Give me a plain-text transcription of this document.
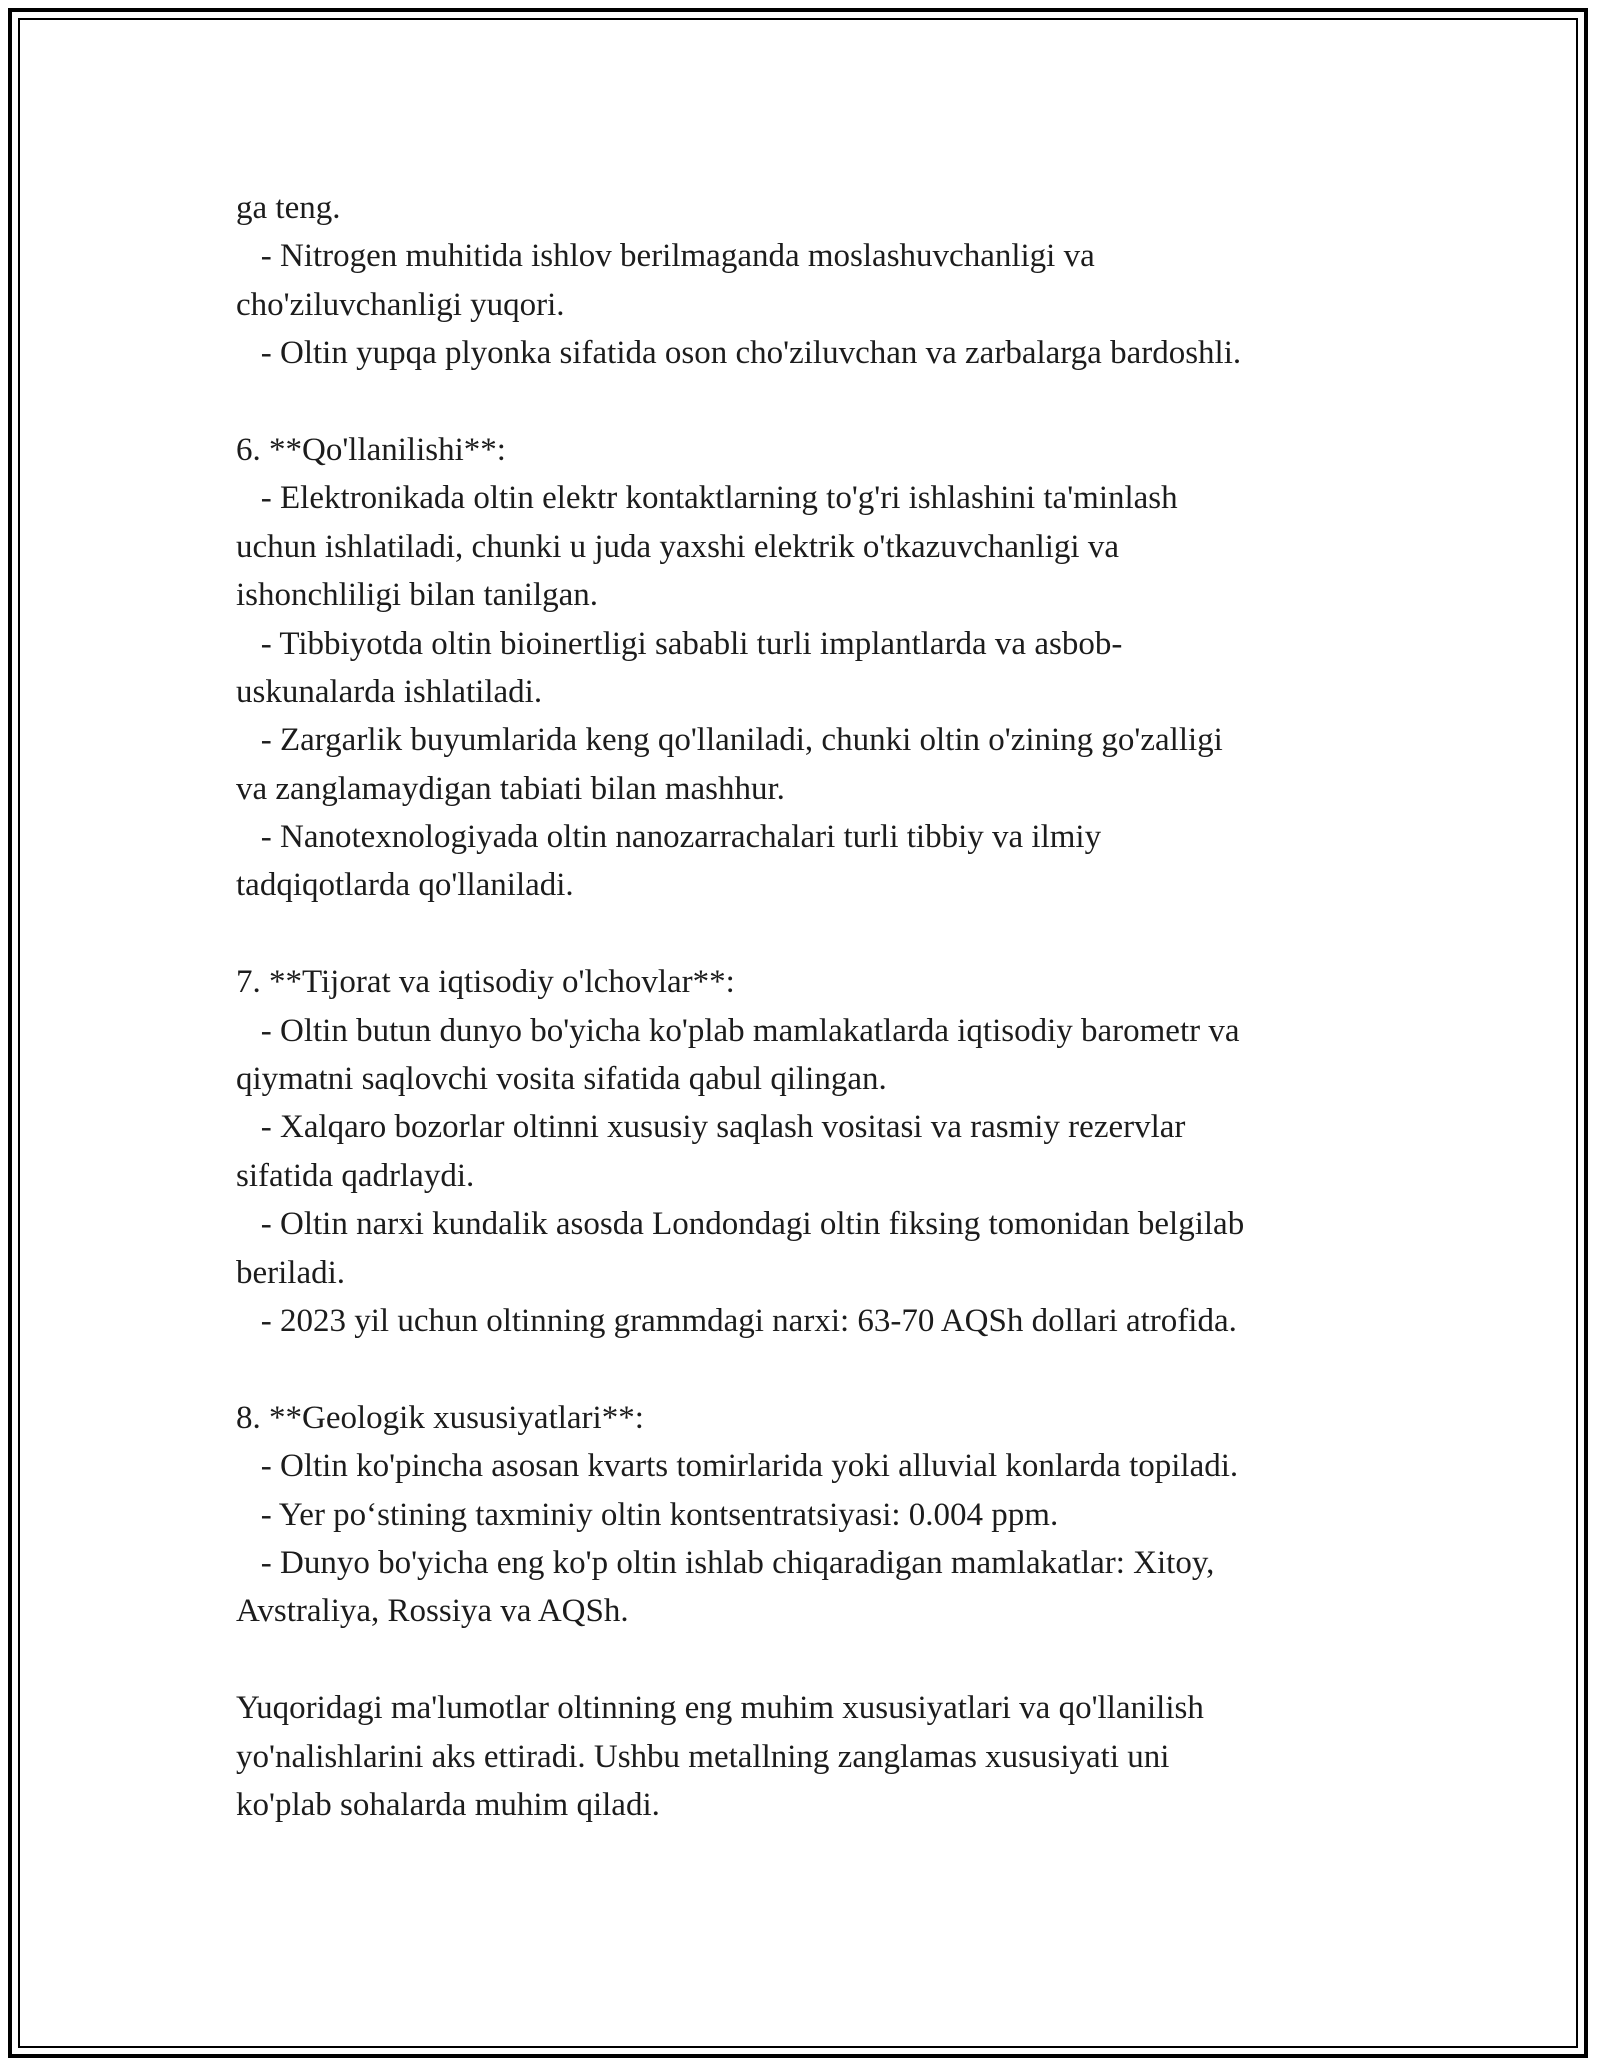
ga teng.
- Nitrogen muhitida ishlov berilmaganda moslashuvchanligi va
cho'ziluvchanligi yuqori.
- Oltin yupqa plyonka sifatida oson cho'ziluvchan va zarbalarga bardoshli.
6. **Qo'llanilishi**:
- Elektronikada oltin elektr kontaktlarning to'g'ri ishlashini ta'minlash
uchun ishlatiladi, chunki u juda yaxshi elektrik o'tkazuvchanligi va
ishonchliligi bilan tanilgan.
- Tibbiyotda oltin bioinertligi sababli turli implantlarda va asbob-
uskunalarda ishlatiladi.
- Zargarlik buyumlarida keng qo'llaniladi, chunki oltin o'zining go'zalligi
va zanglamaydigan tabiati bilan mashhur.
- Nanotexnologiyada oltin nanozarrachalari turli tibbiy va ilmiy
tadqiqotlarda qo'llaniladi.
7. **Tijorat va iqtisodiy o'lchovlar**:
- Oltin butun dunyo bo'yicha ko'plab mamlakatlarda iqtisodiy barometr va
qiymatni saqlovchi vosita sifatida qabul qilingan.
- Xalqaro bozorlar oltinni xususiy saqlash vositasi va rasmiy rezervlar
sifatida qadrlaydi.
- Oltin narxi kundalik asosda Londondagi oltin fiksing tomonidan belgilab
beriladi.
- 2023 yil uchun oltinning grammdagi narxi: 63-70 AQSh dollari atrofida.
8. **Geologik xususiyatlari**:
- Oltin ko'pincha asosan kvarts tomirlarida yoki alluvial konlarda topiladi.
- Yer po‘stining taxminiy oltin kontsentratsiyasi: 0.004 ppm.
- Dunyo bo'yicha eng ko'p oltin ishlab chiqaradigan mamlakatlar: Xitoy,
Avstraliya, Rossiya va AQSh.
Yuqoridagi ma'lumotlar oltinning eng muhim xususiyatlari va qo'llanilish
yo'nalishlarini aks ettiradi. Ushbu metallning zanglamas xususiyati uni
ko'plab sohalarda muhim qiladi.
